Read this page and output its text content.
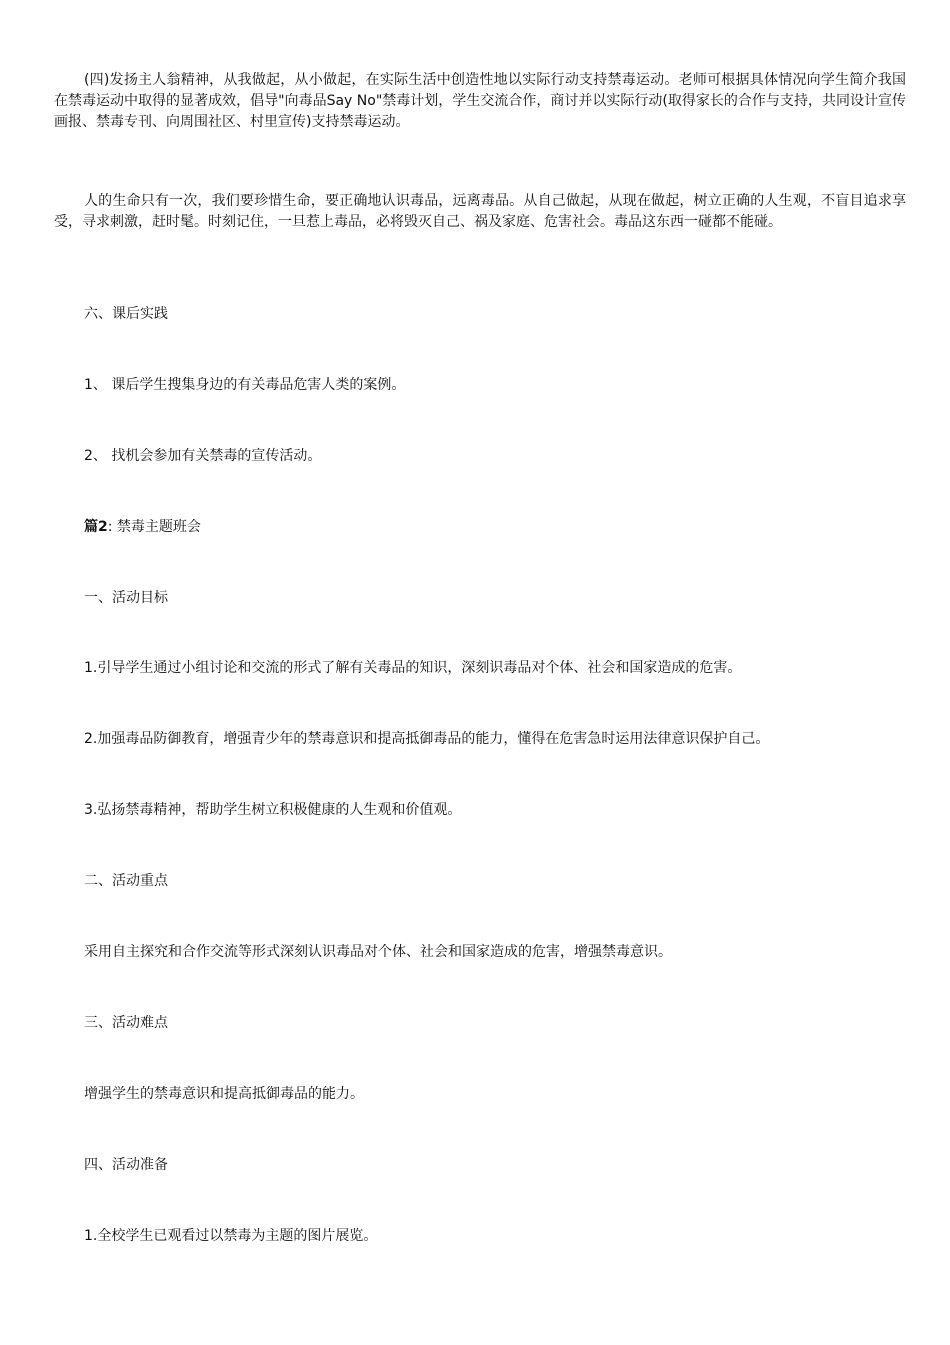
(四)发扬主人翁精神，从我做起，从小做起，在实际生活中创造性地以实际行动支持禁毒运动。老师可根据具体情况向学生简介我国在禁毒运动中取得的显著成效，倡导"向毒品Say No"禁毒计划，学生交流合作，商讨并以实际行动(取得家长的合作与支持，共同设计宣传画报、禁毒专刊、向周围社区、村里宣传)支持禁毒运动。

人的生命只有一次，我们要珍惜生命，要正确地认识毒品，远离毒品。从自己做起，从现在做起，树立正确的人生观，不盲目追求享受，寻求刺激，赶时髦。时刻记住，一旦惹上毒品，必将毁灭自己、祸及家庭、危害社会。毒品这东西一碰都不能碰。

六、课后实践

1、 课后学生搜集身边的有关毒品危害人类的案例。

2、 找机会参加有关禁毒的宣传活动。

篇2: 禁毒主题班会

一、活动目标

1.引导学生通过小组讨论和交流的形式了解有关毒品的知识，深刻识毒品对个体、社会和国家造成的危害。

2.加强毒品防御教育，增强青少年的禁毒意识和提高抵御毒品的能力，懂得在危害急时运用法律意识保护自己。

3.弘扬禁毒精神，帮助学生树立积极健康的人生观和价值观。

二、活动重点

采用自主探究和合作交流等形式深刻认识毒品对个体、社会和国家造成的危害，增强禁毒意识。

三、活动难点

增强学生的禁毒意识和提高抵御毒品的能力。

四、活动准备

1.全校学生已观看过以禁毒为主题的图片展览。
